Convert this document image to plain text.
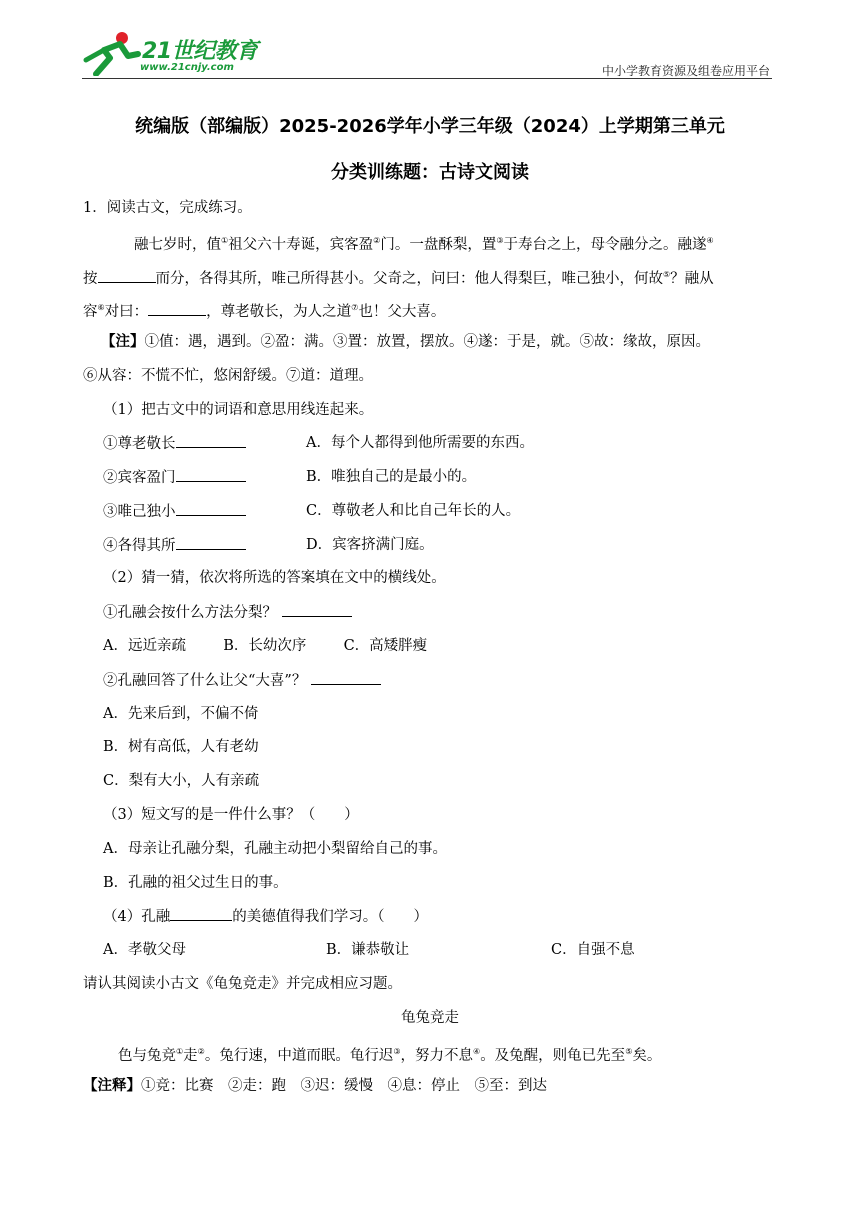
21世纪教育
www.21cnjy.com	中小学教育资源及组卷应用平台
统编版（部编版）2025-2026学年小学三年级（2024）上学期第三单元
分类训练题：古诗文阅读
1．阅读古文，完成练习。
融七岁时，值①祖父六十寿诞，宾客盈②门。一盘酥梨，置③于寿台之上，母令融分之。融遂④
按	而分，各得其所，唯己所得甚小。父奇之，问曰：他人得梨巨，唯己独小，何故⑤？融从
容⑥对曰：	，尊老敬长，为人之道⑦也！父大喜。
【注】①值：遇，遇到。②盈：满。③置：放置，摆放。④遂：于是，就。⑤故：缘故，原因。
⑥从容：不慌不忙，悠闲舒缓。⑦道：道理。
（1）把古文中的词语和意思用线连起来。
①尊老敬长	A．每个人都得到他所需要的东西。
②宾客盈门	B．唯独自己的是最小的。
③唯己独小	C．尊敬老人和比自己年长的人。
④各得其所	D．宾客挤满门庭。
（2）猜一猜，依次将所选的答案填在文中的横线处。
①孔融会按什么方法分梨？
A．远近亲疏	B．长幼次序	C．高矮胖瘦
②孔融回答了什么让父“大喜”？
A．先来后到，不偏不倚
B．树有高低，人有老幼
C．梨有大小，人有亲疏
（3）短文写的是一件什么事？（　　）
A．母亲让孔融分梨，孔融主动把小梨留给自己的事。
B．孔融的祖父过生日的事。
（4）孔融	的美德值得我们学习。（　　）
A．孝敬父母	B．谦恭敬让	C．自强不息
请认其阅读小古文《龟兔竞走》并完成相应习题。
龟兔竞走
色与兔竞①走②。兔行速，中道而眠。龟行迟③，努力不息④。及兔醒，则龟已先至⑤矣。
【注释】①竞：比赛　②走：跑　③迟：缓慢　④息：停止　⑤至：到达
